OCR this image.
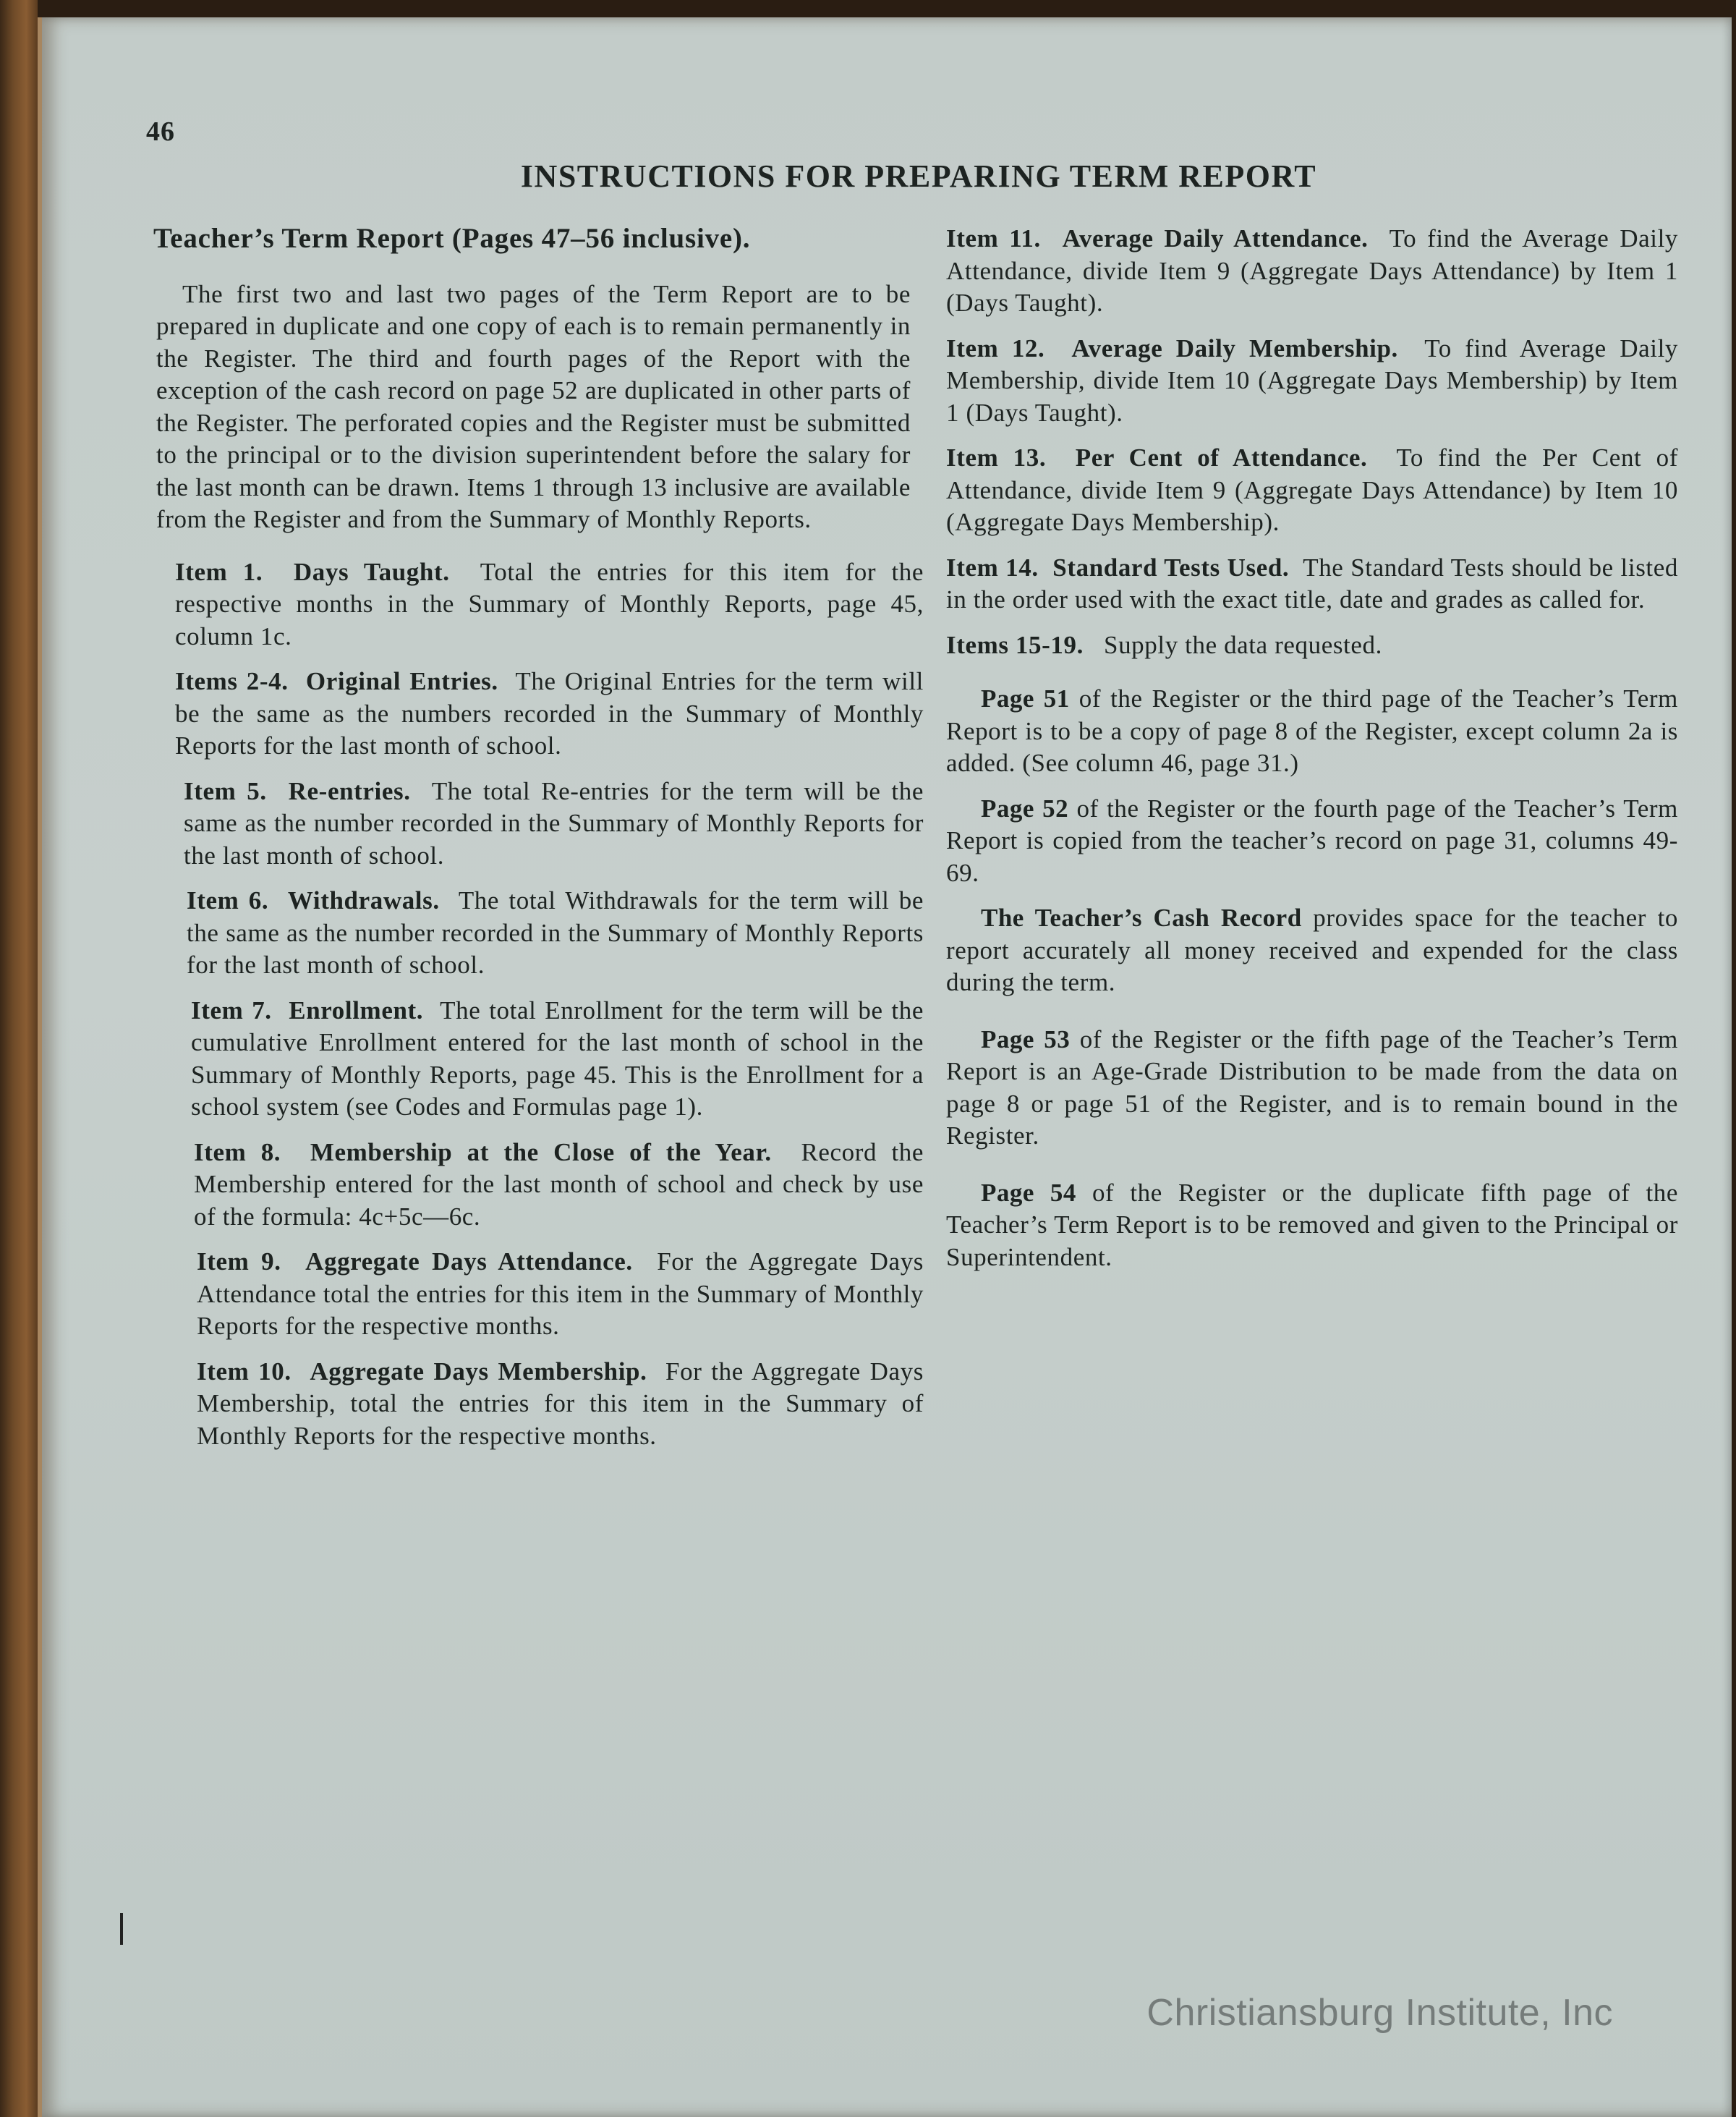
46
INSTRUCTIONS FOR PREPARING TERM REPORT
Teacher’s Term Report (Pages 47–56 inclusive).

The first two and last two pages of the Term Report are to be prepared in duplicate and one copy of each is to remain permanently in the Register. The third and fourth pages of the Report with the exception of the cash record on page 52 are duplicated in other parts of the Register. The perforated copies and the Register must be submitted to the principal or to the division superintendent before the salary for the last month can be drawn. Items 1 through 13 inclusive are available from the Register and from the Summary of Monthly Reports.

Item 1. Days Taught. Total the entries for this item for the respective months in the Summary of Monthly Reports, page 45, column 1c.

Items 2-4. Original Entries. The Original Entries for the term will be the same as the numbers recorded in the Summary of Monthly Reports for the last month of school.

Item 5. Re-entries. The total Re-entries for the term will be the same as the number recorded in the Summary of Monthly Reports for the last month of school.

Item 6. Withdrawals. The total Withdrawals for the term will be the same as the number recorded in the Summary of Monthly Reports for the last month of school.

Item 7. Enrollment. The total Enrollment for the term will be the cumulative Enrollment entered for the last month of school in the Summary of Monthly Reports, page 45. This is the Enrollment for a school system (see Codes and Formulas page 1).

Item 8. Membership at the Close of the Year. Record the Membership entered for the last month of school and check by use of the formula: 4c+5c—6c.

Item 9. Aggregate Days Attendance. For the Aggregate Days Attendance total the entries for this item in the Summary of Monthly Reports for the respective months.

Item 10. Aggregate Days Membership. For the Aggregate Days Membership, total the entries for this item in the Summary of Monthly Reports for the respective months.

Item 11. Average Daily Attendance. To find the Average Daily Attendance, divide Item 9 (Aggregate Days Attendance) by Item 1 (Days Taught).

Item 12. Average Daily Membership. To find Average Daily Membership, divide Item 10 (Aggregate Days Membership) by Item 1 (Days Taught).

Item 13. Per Cent of Attendance. To find the Per Cent of Attendance, divide Item 9 (Aggregate Days Attendance) by Item 10 (Aggregate Days Membership).

Item 14. Standard Tests Used. The Standard Tests should be listed in the order used with the exact title, date and grades as called for.

Items 15-19. Supply the data requested.

Page 51 of the Register or the third page of the Teacher’s Term Report is to be a copy of page 8 of the Register, except column 2a is added. (See column 46, page 31.)

Page 52 of the Register or the fourth page of the Teacher’s Term Report is copied from the teacher’s record on page 31, columns 49-69.

The Teacher’s Cash Record provides space for the teacher to report accurately all money received and expended for the class during the term.

Page 53 of the Register or the fifth page of the Teacher’s Term Report is an Age-Grade Distribution to be made from the data on page 8 or page 51 of the Register, and is to remain bound in the Register.

Page 54 of the Register or the duplicate fifth page of the Teacher’s Term Report is to be removed and given to the Principal or Superintendent.

Christiansburg Institute, Inc
